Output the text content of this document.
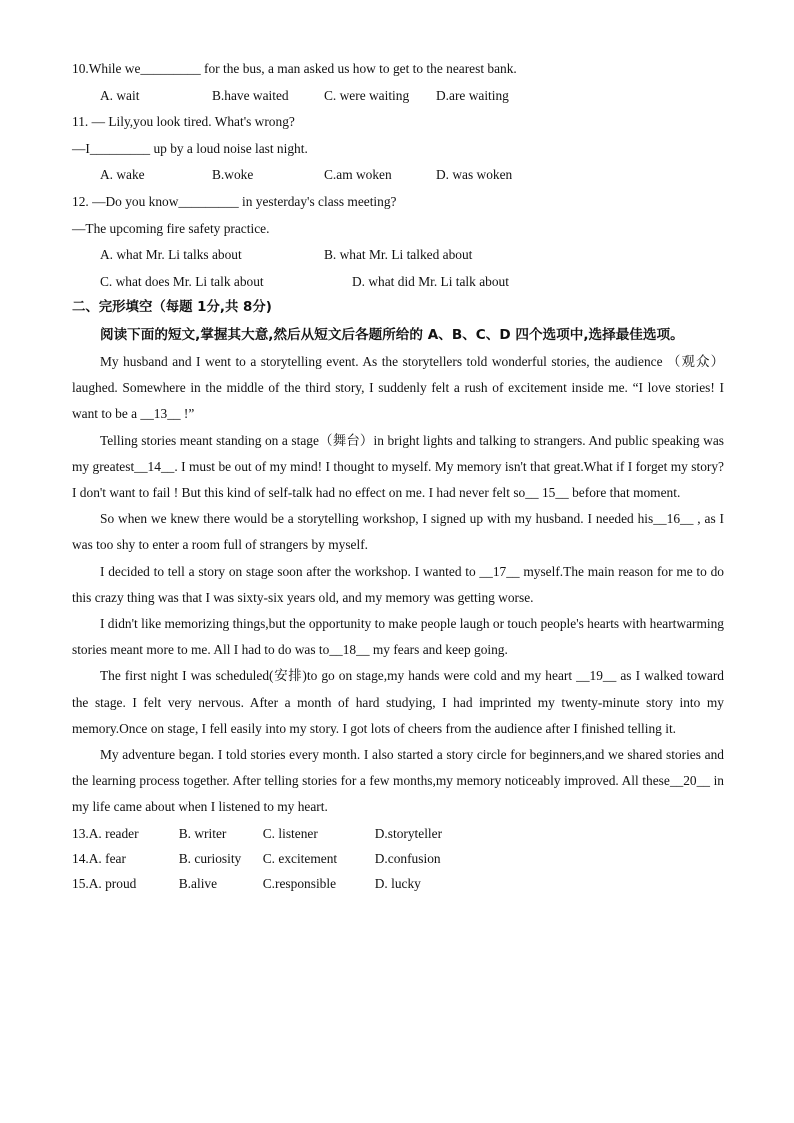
10.While we_________ for the bus, a man asked us how to get to the nearest bank.
A. wait	B.have waited	C. were waiting	D.are waiting
11. — Lily,you look tired. What's wrong?
—I_________ up by a loud noise last night.
A. wake	B.woke	C.am woken	D. was woken
12. —Do you know_________ in yesterday's class meeting?
—The upcoming fire safety practice.
A. what Mr. Li talks about	B. what Mr. Li talked about
C. what does Mr. Li talk about	D. what did Mr. Li talk about
二、完形填空（每题 1分,共 8分)

阅读下面的短文,掌握其大意,然后从短文后各题所给的 A、B、C、D 四个选项中,选择最佳选项。

My husband and I went to a storytelling event. As the storytellers told wonderful stories, the audience （观众）laughed. Somewhere in the middle of the third story, I suddenly felt a rush of excitement inside me. “I love stories! I want to be a __13__ !”

Telling stories meant standing on a stage（舞台）in bright lights and talking to strangers. And public speaking was my greatest__14__. I must be out of my mind! I thought to myself. My memory isn't that great.What if I forget my story? I don't want to fail ! But this kind of self-talk had no effect on me. I had never felt so__ 15__ before that moment.

So when we knew there would be a storytelling workshop, I signed up with my husband. I needed his__16__ , as I was too shy to enter a room full of strangers by myself.

I decided to tell a story on stage soon after the workshop. I wanted to __17__ myself.The main reason for me to do this crazy thing was that I was sixty-six years old, and my memory was getting worse.

I didn't like memorizing things,but the opportunity to make people laugh or touch people's hearts with heartwarming stories meant more to me. All I had to do was to__18__ my fears and keep going.

The first night I was scheduled(安排)to go on stage,my hands were cold and my heart __19__ as I walked toward the stage. I felt very nervous. After a month of hard studying, I had imprinted my twenty-minute story into my memory.Once on stage, I fell easily into my story. I got lots of cheers from the audience after I finished telling it.

My adventure began. I told stories every month. I also started a story circle for beginners,and we shared stories and the learning process together. After telling stories for a few months,my memory noticeably improved. All these__20__ in my life came about when I listened to my heart.

13. A. reader	B. writer	C. listener	D.storyteller
14. A. fear	B. curiosity	C. excitement	D.confusion
15. A. proud	B.alive	C.responsible	D. lucky
